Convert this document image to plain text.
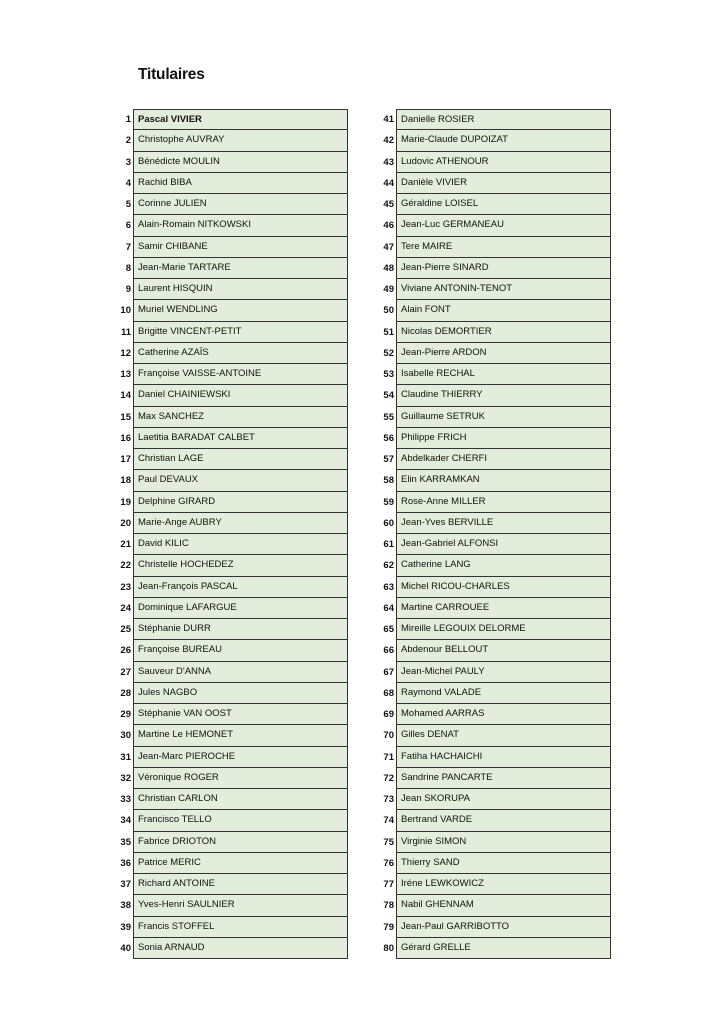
Titulaires
1 Pascal VIVIER
2 Christophe AUVRAY
3 Bénédicte MOULIN
4 Rachid BIBA
5 Corinne JULIEN
6 Alain-Romain NITKOWSKI
7 Samir CHIBANE
8 Jean-Marie TARTARE
9 Laurent HISQUIN
10 Muriel WENDLING
11 Brigitte VINCENT-PETIT
12 Catherine AZAÏS
13 Françoise VAISSE-ANTOINE
14 Daniel CHAINIEWSKI
15 Max SANCHEZ
16 Laetitia BARADAT CALBET
17 Christian LAGE
18 Paul DEVAUX
19 Delphine GIRARD
20 Marie-Ange AUBRY
21 David KILIC
22 Christelle HOCHEDEZ
23 Jean-François PASCAL
24 Dominique LAFARGUE
25 Stéphanie DURR
26 Françoise BUREAU
27 Sauveur D'ANNA
28 Jules NAGBO
29 Stéphanie VAN OOST
30 Martine Le HEMONET
31 Jean-Marc PIEROCHE
32 Véronique ROGER
33 Christian CARLON
34 Francisco TELLO
35 Fabrice DRIOTON
36 Patrice MERIC
37 Richard ANTOINE
38 Yves-Henri SAULNIER
39 Francis STOFFEL
40 Sonia ARNAUD
41 Danielle ROSIER
42 Marie-Claude DUPOIZAT
43 Ludovic ATHENOUR
44 Danièle VIVIER
45 Géraldine LOISEL
46 Jean-Luc GERMANEAU
47 Tere MAIRE
48 Jean-Pierre SINARD
49 Viviane ANTONIN-TENOT
50 Alain FONT
51 Nicolas DEMORTIER
52 Jean-Pierre ARDON
53 Isabelle RECHAL
54 Claudine THIERRY
55 Guillaume SETRUK
56 Philippe FRICH
57 Abdelkader CHERFI
58 Elin KARRAMKAN
59 Rose-Anne MILLER
60 Jean-Yves BERVILLE
61 Jean-Gabriel ALFONSI
62 Catherine LANG
63 Michel RICOU-CHARLES
64 Martine CARROUEE
65 Mireille LEGOUIX DELORME
66 Abdenour BELLOUT
67 Jean-Michel PAULY
68 Raymond VALADE
69 Mohamed AARRAS
70 Gilles DENAT
71 Fatiha HACHAICHI
72 Sandrine PANCARTE
73 Jean SKORUPA
74 Bertrand VARDE
75 Virginie SIMON
76 Thierry SAND
77 Iréne LEWKOWICZ
78 Nabil GHENNAM
79 Jean-Paul GARRIBOTTO
80 Gérard GRELLE
